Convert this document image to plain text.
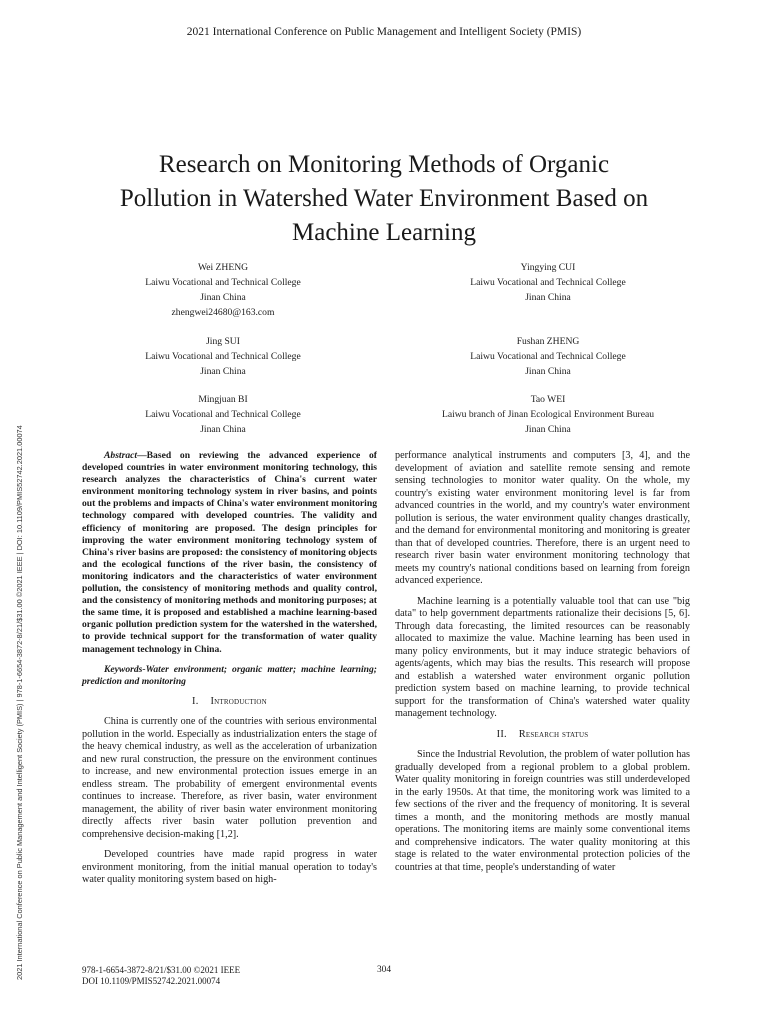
2021 International Conference on Public Management and Intelligent Society (PMIS)
2021 International Conference on Public Management and Intelligent Society (PMIS) | 978-1-6654-3872-8/21/$31.00 ©2021 IEEE | DOI: 10.1109/PMIS52742.2021.00074
Research on Monitoring Methods of Organic Pollution in Watershed Water Environment Based on Machine Learning
Wei ZHENG
Laiwu Vocational and Technical College
Jinan China
zhengwei24680@163.com
Yingying CUI
Laiwu Vocational and Technical College
Jinan China
Jing SUI
Laiwu Vocational and Technical College
Jinan China
Fushan ZHENG
Laiwu Vocational and Technical College
Jinan China
Mingjuan BI
Laiwu Vocational and Technical College
Jinan China
Tao WEI
Laiwu branch of Jinan Ecological Environment Bureau
Jinan China

Abstract—Based on reviewing the advanced experience of developed countries in water environment monitoring technology, this research analyzes the characteristics of China's current water environment monitoring technology system in river basins, and points out the problems and impacts of China's water environment monitoring technology compared with developed countries. The validity and efficiency of monitoring are proposed. The design principles for improving the water environment monitoring technology system of China's river basins are proposed: the consistency of monitoring objects and the ecological functions of the river basin, the consistency of monitoring indicators and the characteristics of water environment pollution, the consistency of monitoring methods and quality control, and the consistency of monitoring methods and monitoring purposes; at the same time, it is proposed and established a machine learning-based organic pollution prediction system for the watershed in the watershed, to provide technical support for the transformation of water quality management technology in China.

Keywords-Water environment; organic matter; machine learning; prediction and monitoring

I. Introduction

China is currently one of the countries with serious environmental pollution in the world. Especially as industrialization enters the stage of the heavy chemical industry, as well as the acceleration of urbanization and new rural construction, the pressure on the environment continues to increase, and new environmental protection issues emerge in an endless stream. The probability of emergent environmental events continues to increase. Therefore, as river basin, water environment management, the ability of river basin water environment monitoring directly affects river basin water pollution prevention and comprehensive decision-making [1,2].

Developed countries have made rapid progress in water environment monitoring, from the initial manual operation to today's water quality monitoring system based on high-

performance analytical instruments and computers [3, 4], and the development of aviation and satellite remote sensing and remote sensing technologies to monitor water quality. On the whole, my country's existing water environment monitoring level is far from advanced countries in the world, and my country's water environment pollution is serious, the water environment quality changes drastically, and the demand for environmental monitoring and monitoring is greater than that of developed countries. Therefore, there is an urgent need to research river basin water environment monitoring technology that meets my country's national conditions based on learning from foreign advanced experience.

Machine learning is a potentially valuable tool that can use "big data" to help government departments rationalize their decisions [5, 6]. Through data forecasting, the limited resources can be reasonably allocated to maximize the value. Machine learning has been used in many policy environments, but it may induce strategic behaviors of agents/agents, which may bias the results. This research will propose and establish a watershed water environment organic pollution prediction system based on machine learning, to provide technical support for the transformation of China's watershed water quality management technology.

II. Research status

Since the Industrial Revolution, the problem of water pollution has gradually developed from a regional problem to a global problem. Water quality monitoring in foreign countries was still underdeveloped in the early 1950s. At that time, the monitoring work was limited to a few sections of the river and the frequency of monitoring. It is several times a month, and the monitoring methods are mostly manual operations. The monitoring items are mainly some conventional items and comprehensive indicators. The water quality monitoring at this stage is related to the water environmental protection policies of the countries at that time, people's understanding of water

978-1-6654-3872-8/21/$31.00 ©2021 IEEE
DOI 10.1109/PMIS52742.2021.00074
304
